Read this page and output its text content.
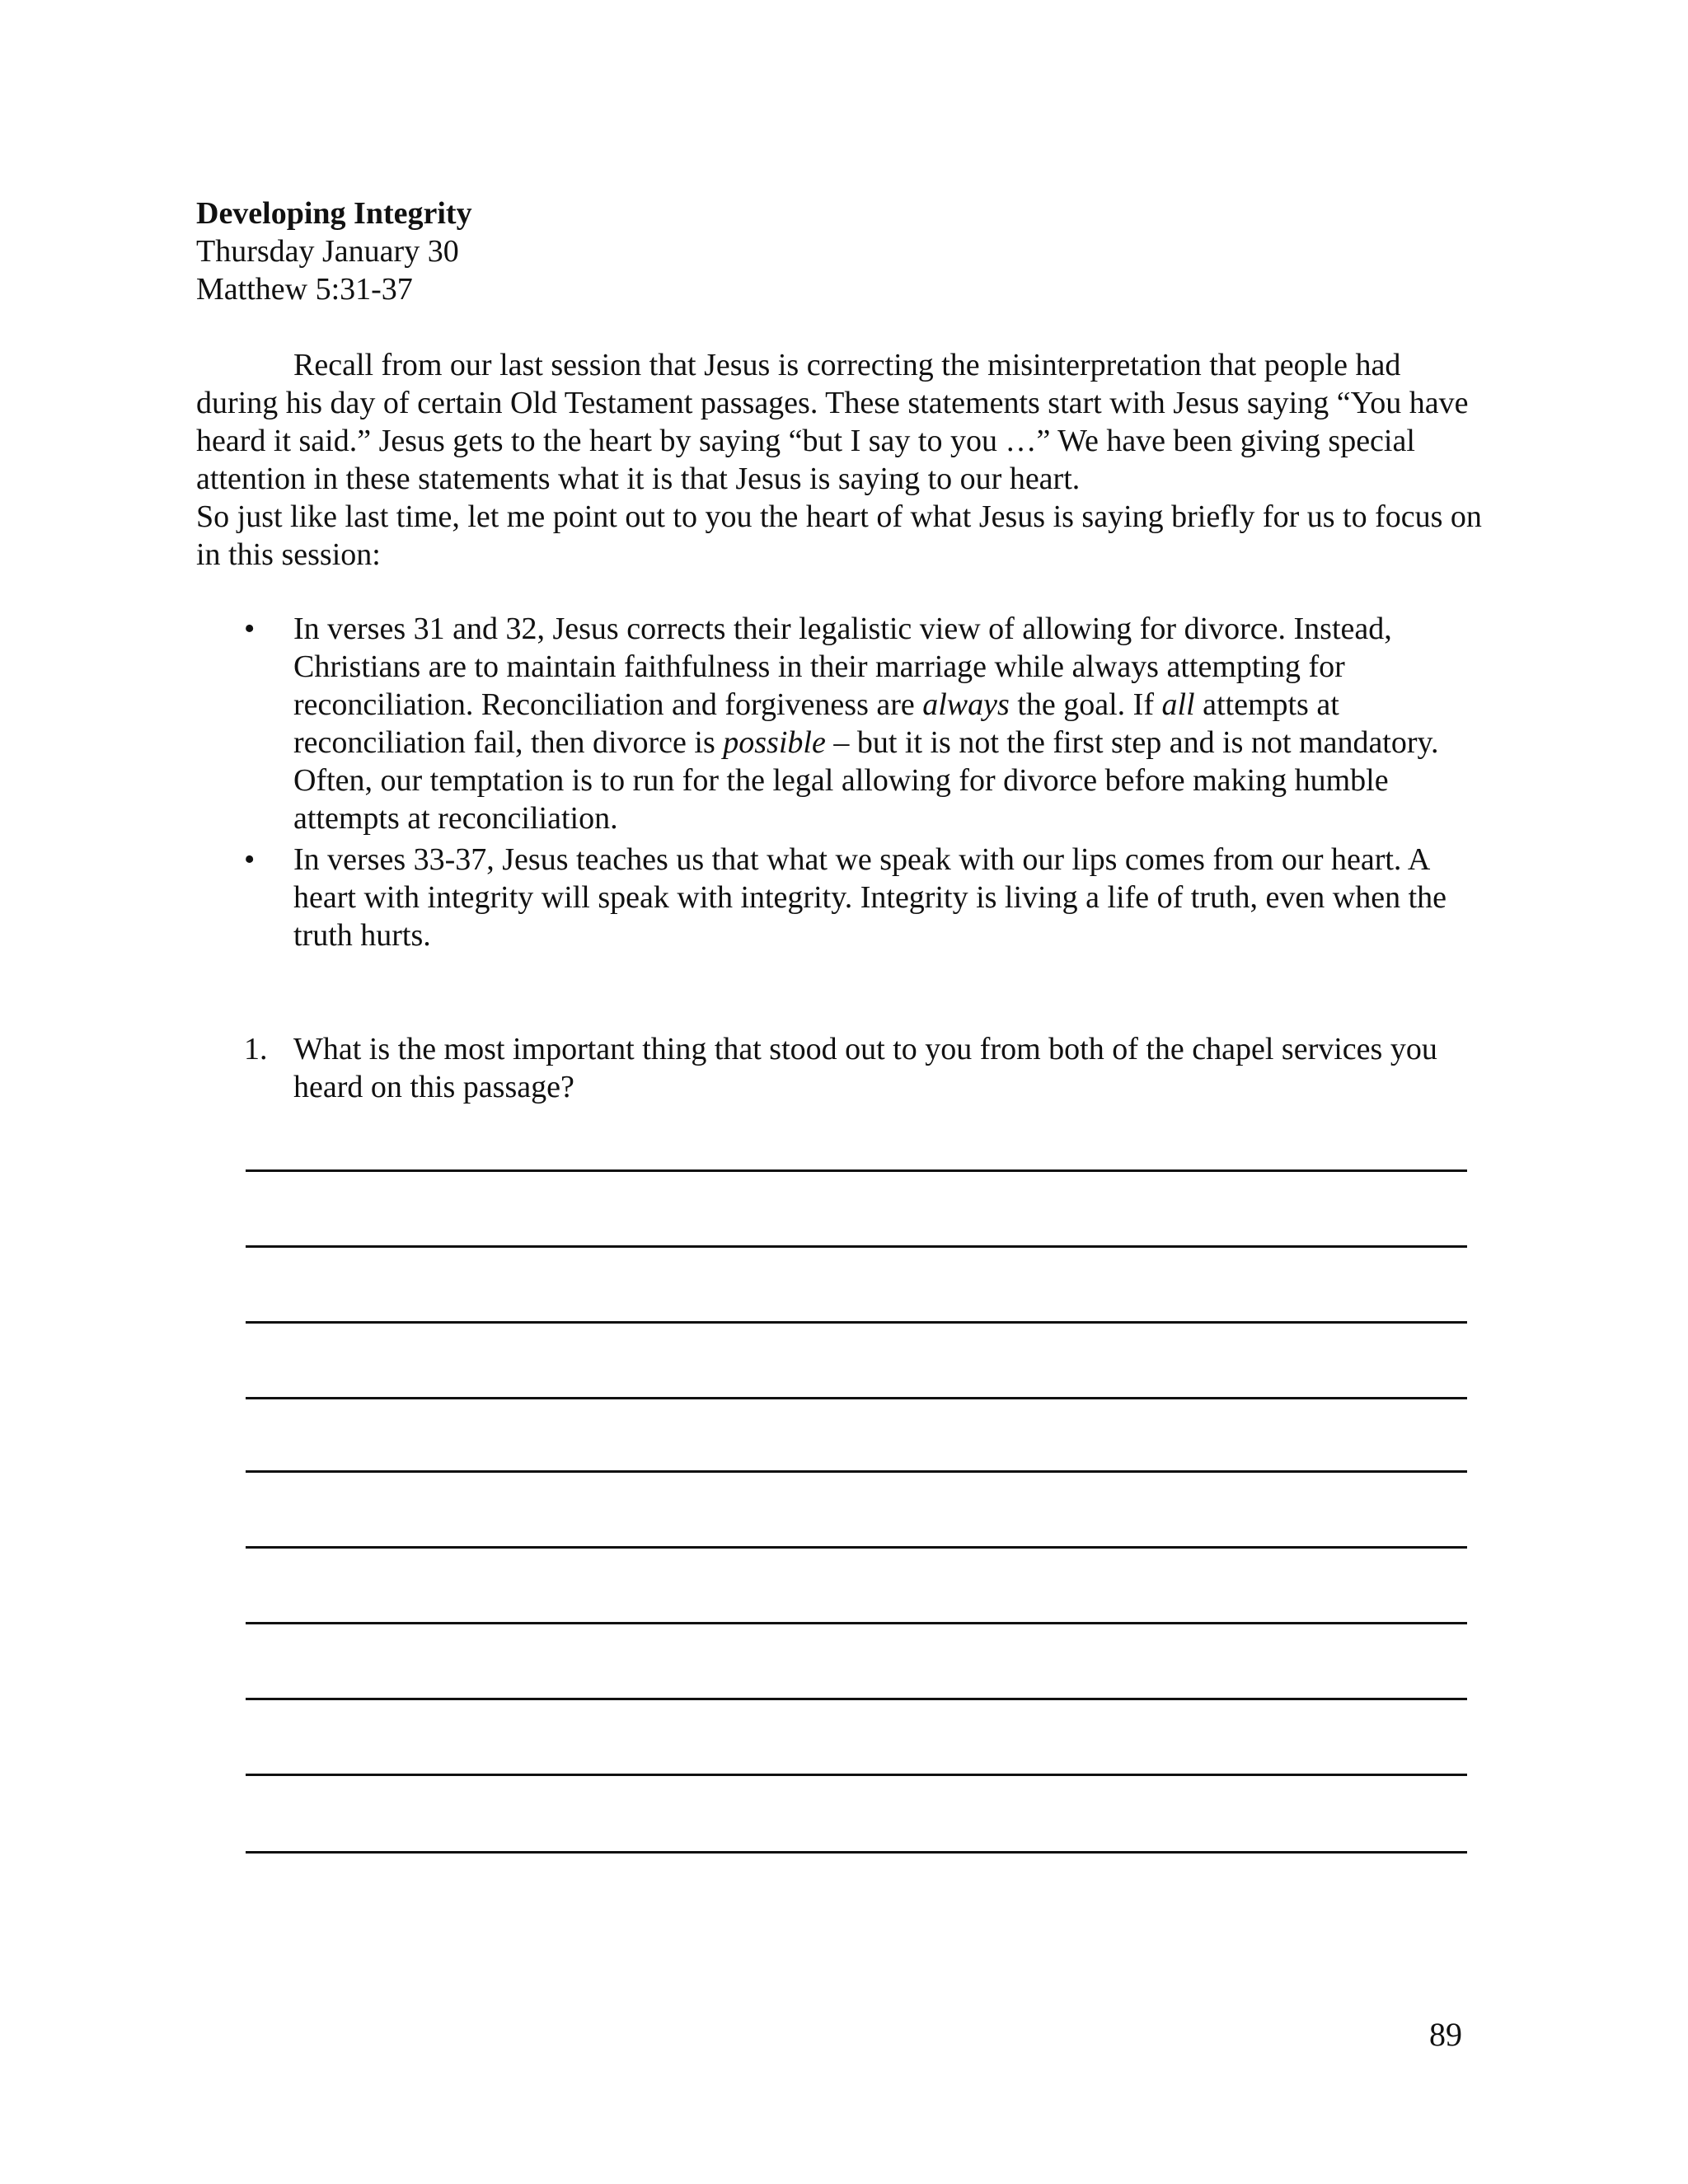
Developing Integrity
Thursday January 30
Matthew 5:31-37

Recall from our last session that Jesus is correcting the misinterpretation that people had during his day of certain Old Testament passages. These statements start with Jesus saying “You have heard it said.” Jesus gets to the heart by saying “but I say to you …” We have been giving special attention in these statements what it is that Jesus is saying to our heart.

So just like last time, let me point out to you the heart of what Jesus is saying briefly for us to focus on in this session:

• In verses 31 and 32, Jesus corrects their legalistic view of allowing for divorce. Instead, Christians are to maintain faithfulness in their marriage while always attempting for reconciliation. Reconciliation and forgiveness are always the goal. If all attempts at reconciliation fail, then divorce is possible – but it is not the first step and is not mandatory. Often, our temptation is to run for the legal allowing for divorce before making humble attempts at reconciliation.
• In verses 33-37, Jesus teaches us that what we speak with our lips comes from our heart. A heart with integrity will speak with integrity. Integrity is living a life of truth, even when the truth hurts.
1. What is the most important thing that stood out to you from both of the chapel services you heard on this passage?
89
